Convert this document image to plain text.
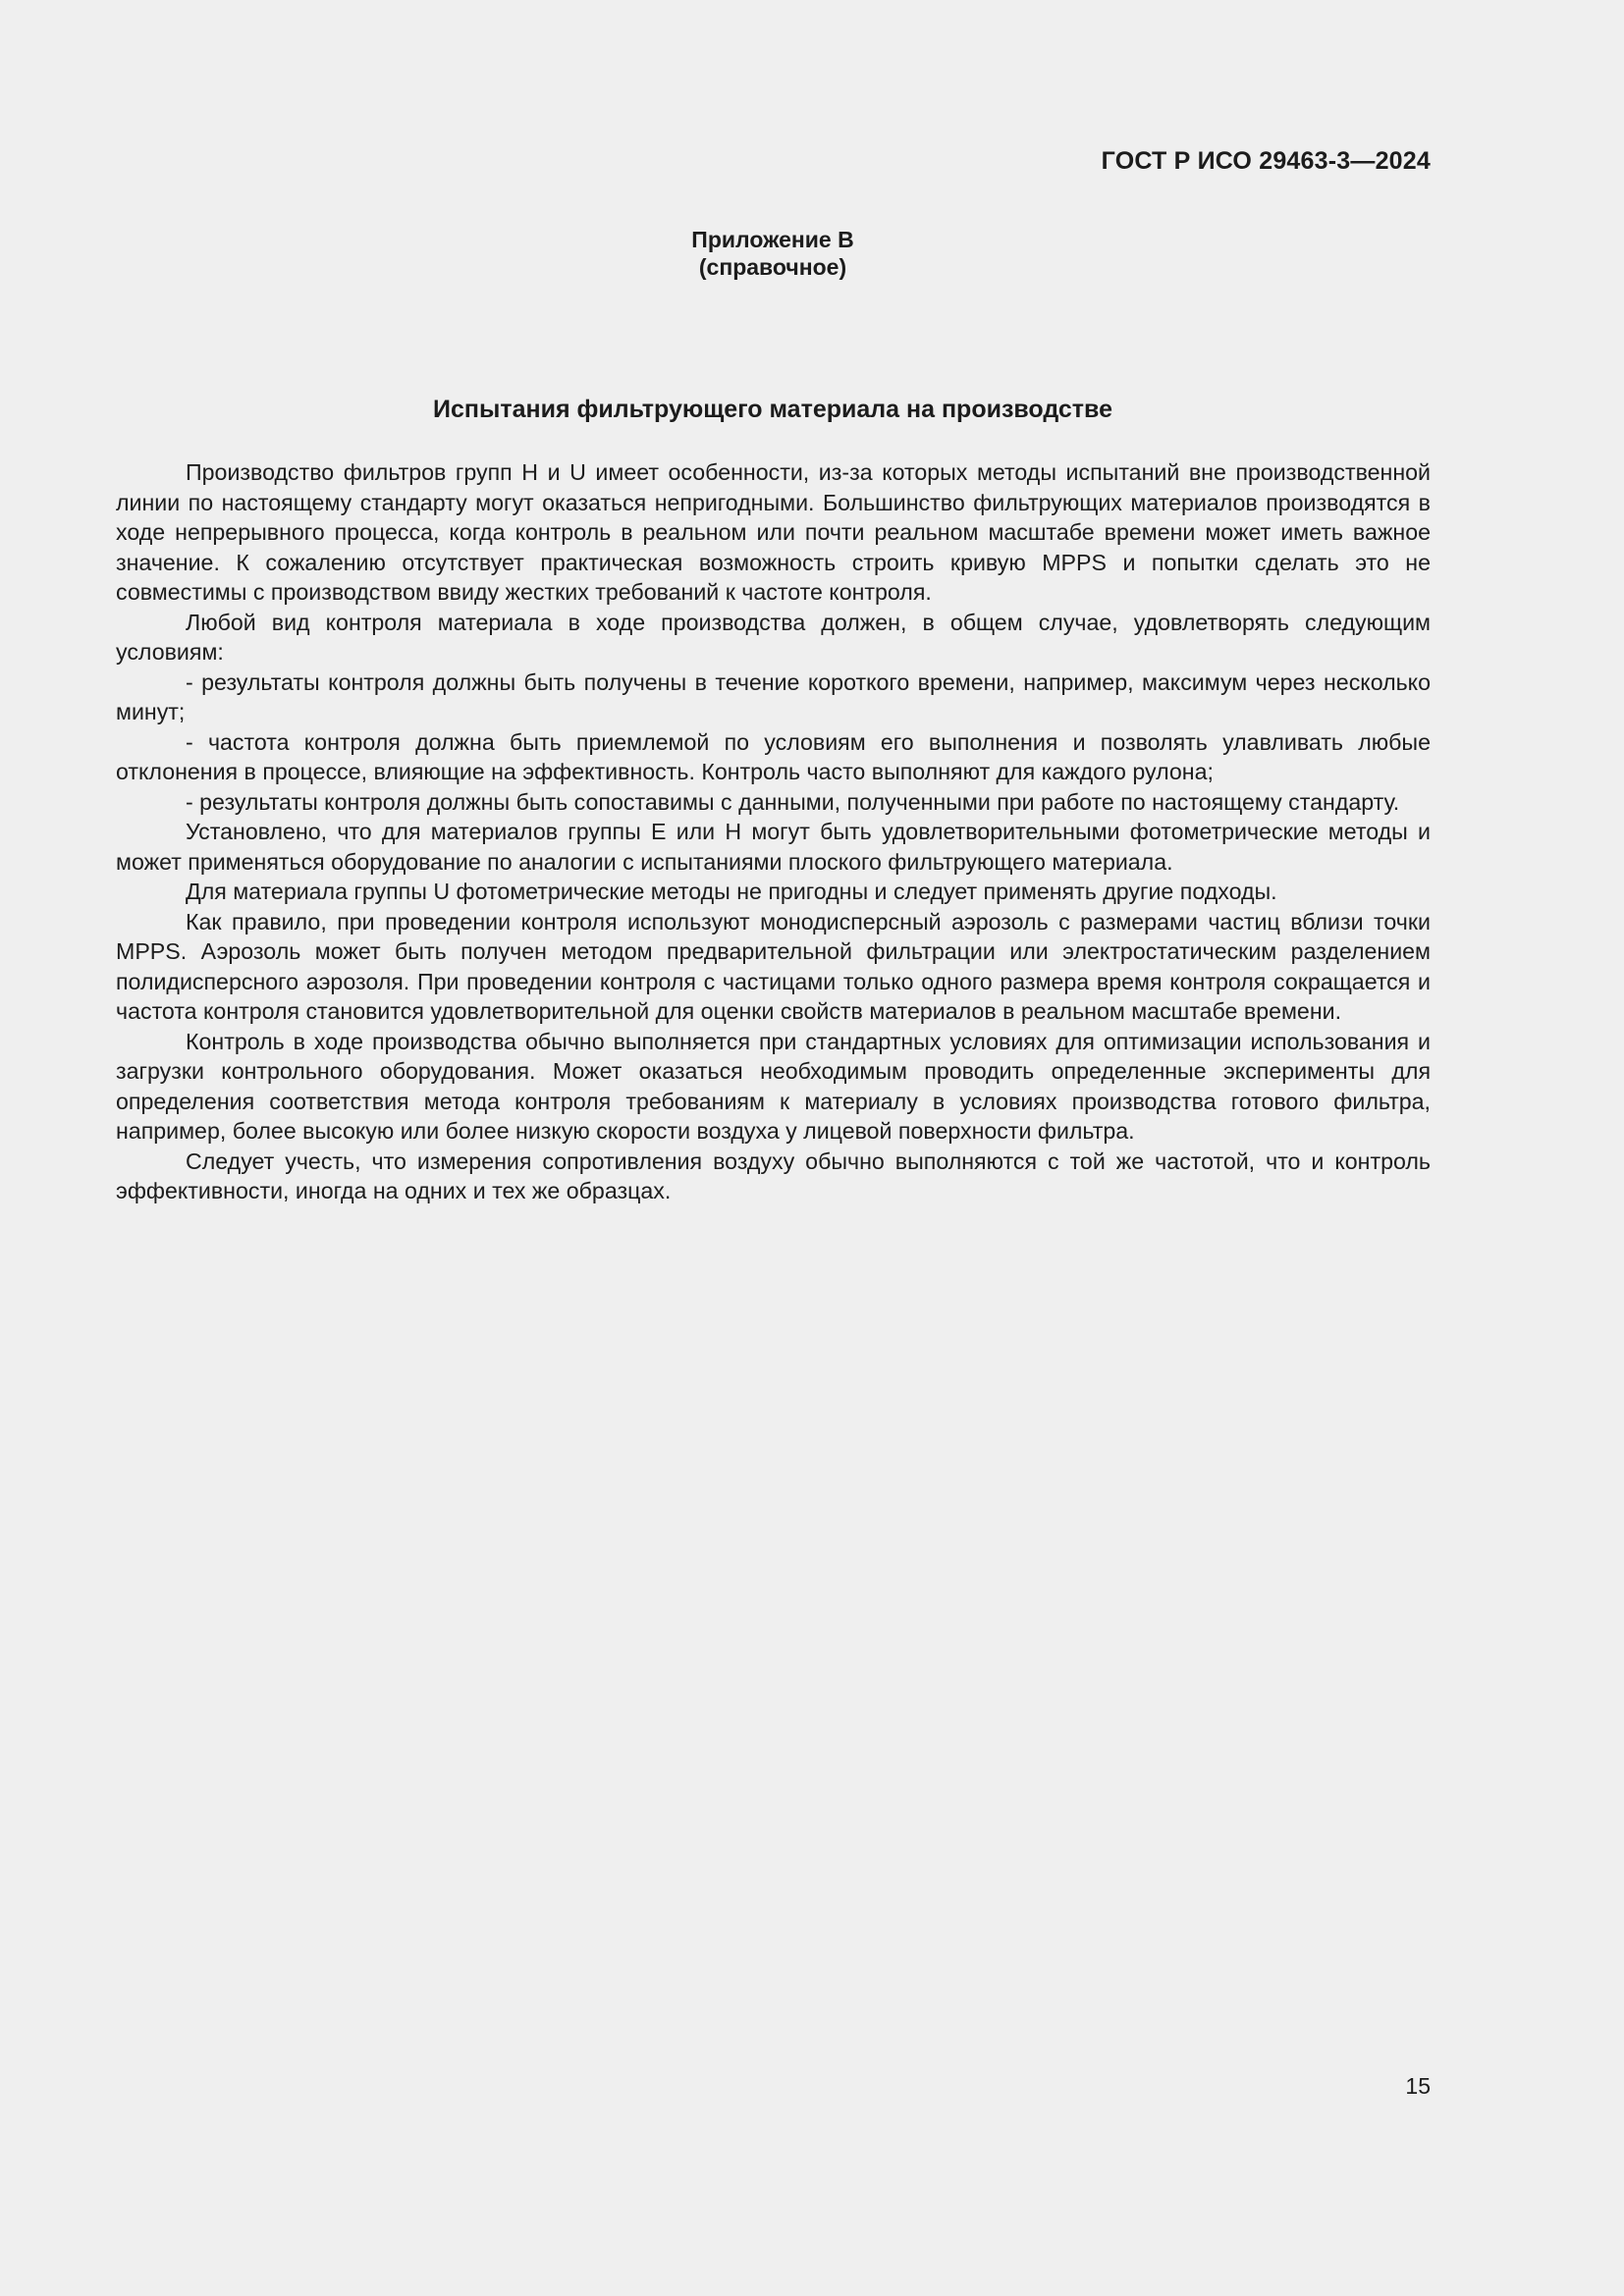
ГОСТ Р ИСО 29463-3—2024
Приложение В
(справочное)
Испытания фильтрующего материала на производстве

Производство фильтров групп Н и U имеет особенности, из-за которых методы испытаний вне производственной линии по настоящему стандарту могут оказаться непригодными. Большинство фильтрующих материалов производятся в ходе непрерывного процесса, когда контроль в реальном или почти реальном масштабе времени может иметь важное значение. К сожалению отсутствует практическая возможность строить кривую MPPS и попытки сделать это не совместимы с производством ввиду жестких требований к частоте контроля.

Любой вид контроля материала в ходе производства должен, в общем случае, удовлетворять следующим условиям:

- результаты контроля должны быть получены в течение короткого времени, например, максимум через несколько минут;

- частота контроля должна быть приемлемой по условиям его выполнения и позволять улавливать любые отклонения в процессе, влияющие на эффективность. Контроль часто выполняют для каждого рулона;

- результаты контроля должны быть сопоставимы с данными, полученными при работе по настоящему стандарту.

Установлено, что для материалов группы Е или Н могут быть удовлетворительными фотометрические методы и может применяться оборудование по аналогии с испытаниями плоского фильтрующего материала.

Для материала группы U фотометрические методы не пригодны и следует применять другие подходы.

Как правило, при проведении контроля используют монодисперсный аэрозоль с размерами частиц вблизи точки MPPS. Аэрозоль может быть получен методом предварительной фильтрации или электростатическим разделением полидисперсного аэрозоля. При проведении контроля с частицами только одного размера время контроля сокращается и частота контроля становится удовлетворительной для оценки свойств материалов в реальном масштабе времени.

Контроль в ходе производства обычно выполняется при стандартных условиях для оптимизации использования и загрузки контрольного оборудования. Может оказаться необходимым проводить определенные эксперименты для определения соответствия метода контроля требованиям к материалу в условиях производства готового фильтра, например, более высокую или более низкую скорости воздуха у лицевой поверхности фильтра.

Следует учесть, что измерения сопротивления воздуху обычно выполняются с той же частотой, что и контроль эффективности, иногда на одних и тех же образцах.

15
